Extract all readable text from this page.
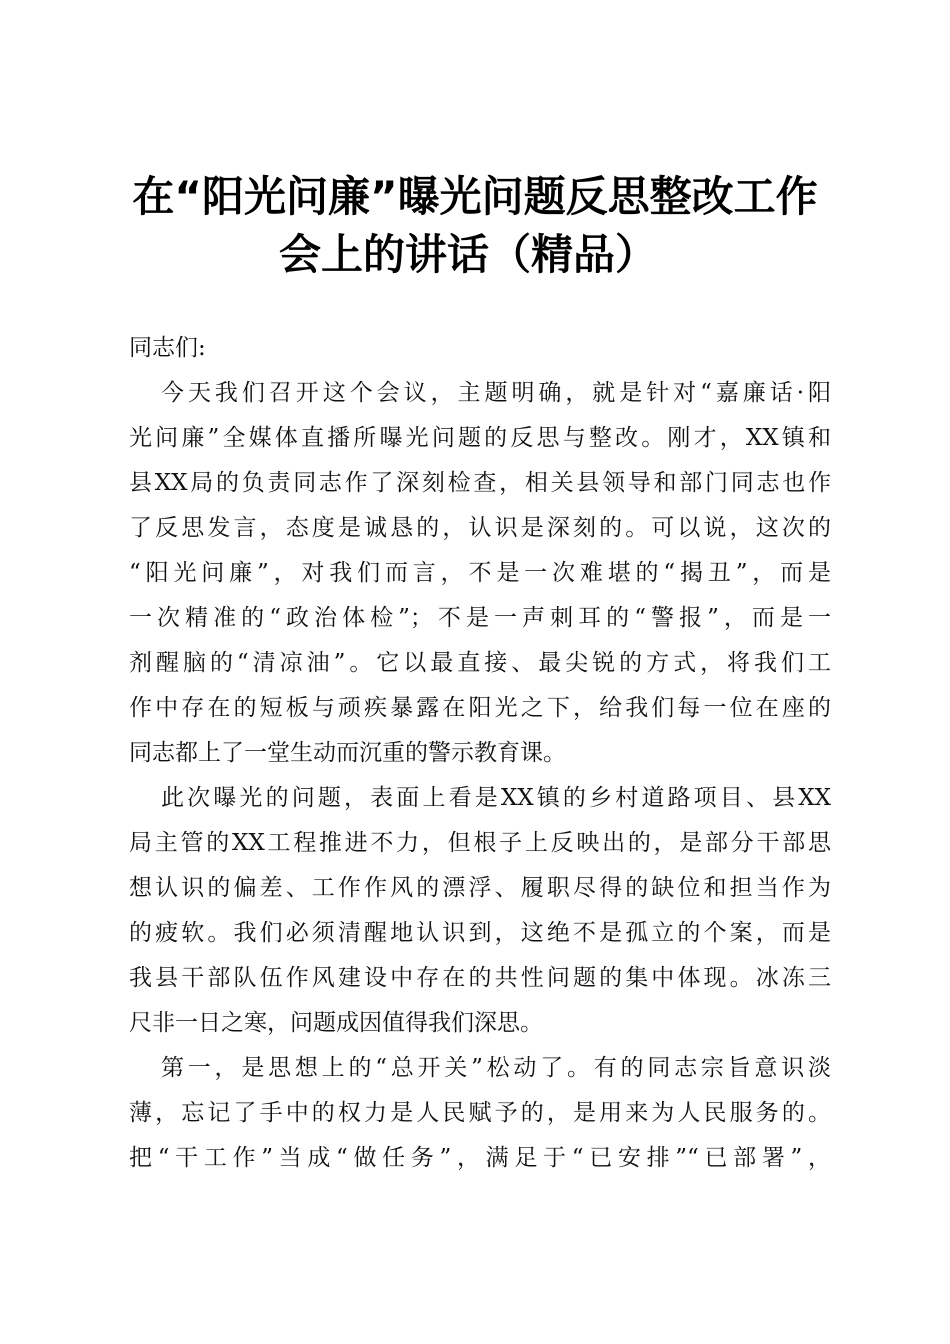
在“阳光问廉”曝光问题反思整改工作
会上的讲话（精品）
同志们:
今天我们召开这个会议，主题明确，就是针对“嘉廉话·阳
光问廉”全媒体直播所曝光问题的反思与整改。刚才，XX镇和
县XX局的负责同志作了深刻检查，相关县领导和部门同志也作
了反思发言，态度是诚恳的，认识是深刻的。可以说，这次的
“阳光问廉”，对我们而言，不是一次难堪的“揭丑”，而是
一次精准的“政治体检”；不是一声刺耳的“警报”，而是一
剂醒脑的“清凉油”。它以最直接、最尖锐的方式，将我们工
作中存在的短板与顽疾暴露在阳光之下，给我们每一位在座的
同志都上了一堂生动而沉重的警示教育课。
此次曝光的问题，表面上看是XX镇的乡村道路项目、县XX
局主管的XX工程推进不力，但根子上反映出的，是部分干部思
想认识的偏差、工作作风的漂浮、履职尽得的缺位和担当作为
的疲软。我们必须清醒地认识到，这绝不是孤立的个案，而是
我县干部队伍作风建设中存在的共性问题的集中体现。冰冻三
尺非一日之寒，问题成因值得我们深思。
第一，是思想上的“总开关”松动了。有的同志宗旨意识淡
薄，忘记了手中的权力是人民赋予的，是用来为人民服务的。
把“干工作”当成“做任务”，满足于“已安排”“已部署”，
